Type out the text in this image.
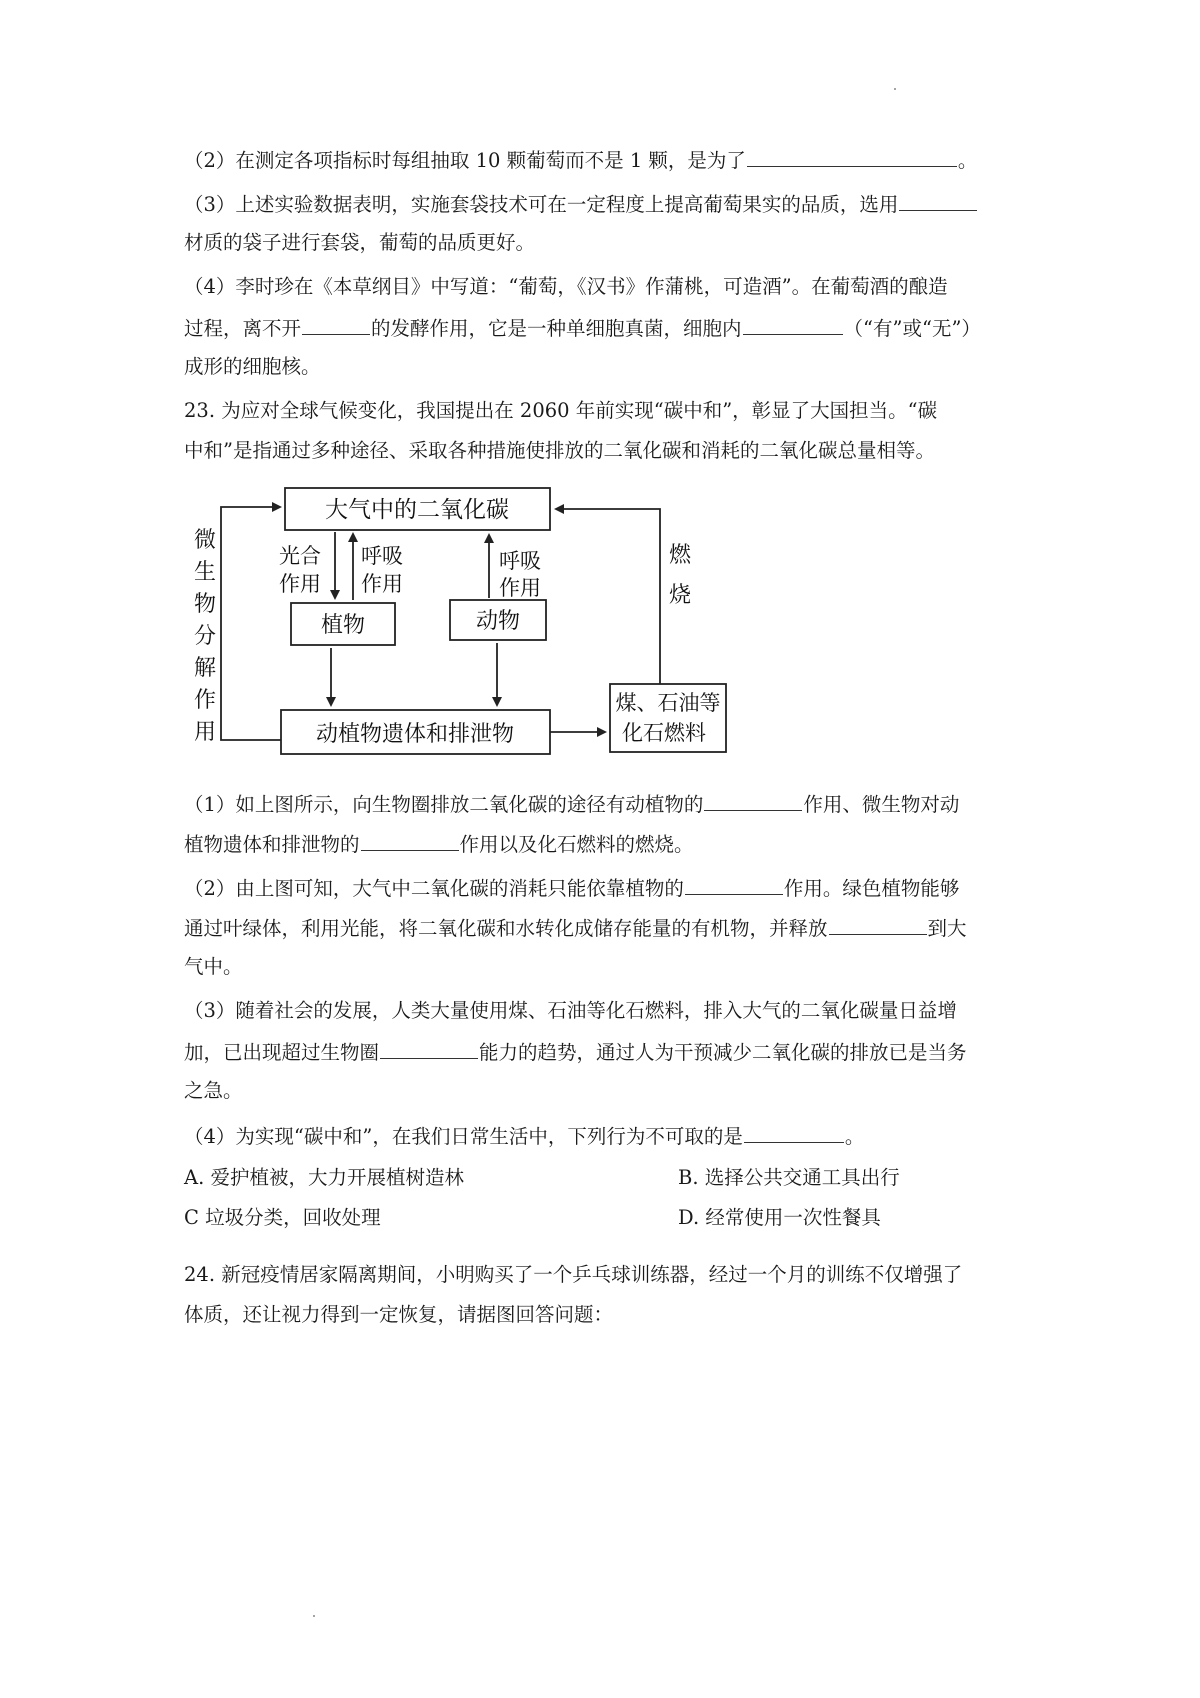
（2）在测定各项指标时每组抽取 10 颗葡萄而不是 1 颗，是为了	。
（3）上述实验数据表明，实施套袋技术可在一定程度上提高葡萄果实的品质，选用
材质的袋子进行套袋，葡萄的品质更好。
（4）李时珍在《本草纲目》中写道：“葡萄，《汉书》作蒲桃，可造酒”。在葡萄酒的酿造
过程，离不开	的发酵作用，它是一种单细胞真菌，细胞内	（“有”或“无”）
成形的细胞核。
23. 为应对全球气候变化，我国提出在 2060 年前实现“碳中和”，彰显了大国担当。“碳
中和”是指通过多种途径、采取各种措施使排放的二氧化碳和消耗的二氧化碳总量相等。
大气中的二氧化碳
植物	动物
动植物遗体和排泄物
煤、石油等
化石燃料
光合
作用
呼吸
作用
呼吸
作用
燃
烧
微
生
物
分
解
作
用
（1）如上图所示，向生物圈排放二氧化碳的途径有动植物的	作用、微生物对动
植物遗体和排泄物的	作用以及化石燃料的燃烧。
（2）由上图可知，大气中二氧化碳的消耗只能依靠植物的	作用。绿色植物能够
通过叶绿体，利用光能，将二氧化碳和水转化成储存能量的有机物，并释放	到大
气中。
（3）随着社会的发展，人类大量使用煤、石油等化石燃料，排入大气的二氧化碳量日益增
加，已出现超过生物圈	能力的趋势，通过人为干预减少二氧化碳的排放已是当务
之急。
（4）为实现“碳中和”，在我们日常生活中，下列行为不可取的是	。
A. 爱护植被，大力开展植树造林	B. 选择公共交通工具出行
C 垃圾分类，回收处理	D. 经常使用一次性餐具
24. 新冠疫情居家隔离期间，小明购买了一个乒乓球训练器，经过一个月的训练不仅增强了
体质，还让视力得到一定恢复，请据图回答问题：
